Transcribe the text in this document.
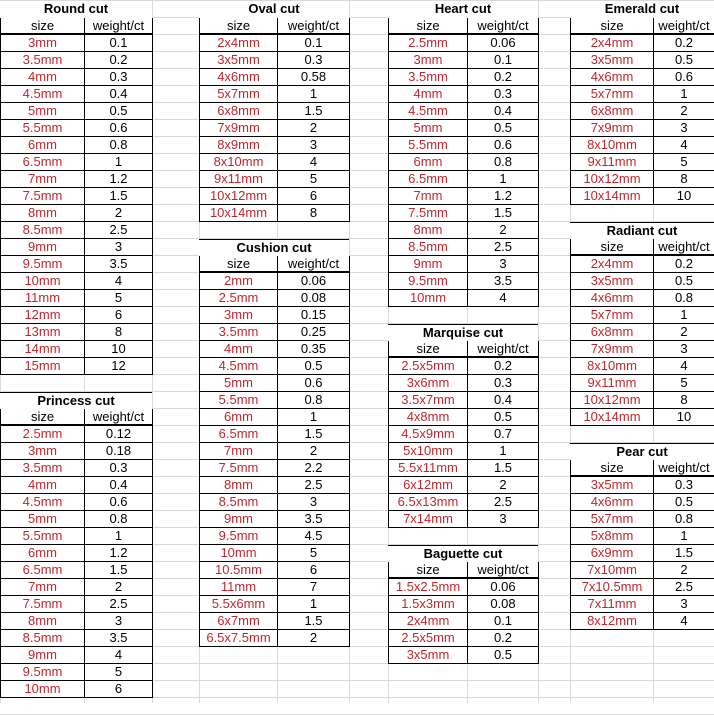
Round cut
size	weight/ct
3mm	0.1
3.5mm	0.2
4mm	0.3
4.5mm	0.4
5mm	0.5
5.5mm	0.6
6mm	0.8
6.5mm	1
7mm	1.2
7.5mm	1.5
8mm	2
8.5mm	2.5
9mm	3
9.5mm	3.5
10mm	4
11mm	5
12mm	6
13mm	8
14mm	10
15mm	12
Princess cut
size	weight/ct
2.5mm	0.12
3mm	0.18
3.5mm	0.3
4mm	0.4
4.5mm	0.6
5mm	0.8
5.5mm	1
6mm	1.2
6.5mm	1.5
7mm	2
7.5mm	2.5
8mm	3
8.5mm	3.5
9mm	4
9.5mm	5
10mm	6
Oval cut
size	weight/ct
2x4mm	0.1
3x5mm	0.3
4x6mm	0.58
5x7mm	1
6x8mm	1.5
7x9mm	2
8x9mm	3
8x10mm	4
9x11mm	5
10x12mm	6
10x14mm	8
Cushion cut
size	weight/ct
2mm	0.06
2.5mm	0.08
3mm	0.15
3.5mm	0.25
4mm	0.35
4.5mm	0.5
5mm	0.6
5.5mm	0.8
6mm	1
6.5mm	1.5
7mm	2
7.5mm	2.2
8mm	2.5
8.5mm	3
9mm	3.5
9.5mm	4.5
10mm	5
10.5mm	6
11mm	7
5.5x6mm	1
6x7mm	1.5
6.5x7.5mm	2
Heart cut
size	weight/ct
2.5mm	0.06
3mm	0.1
3.5mm	0.2
4mm	0.3
4.5mm	0.4
5mm	0.5
5.5mm	0.6
6mm	0.8
6.5mm	1
7mm	1.2
7.5mm	1.5
8mm	2
8.5mm	2.5
9mm	3
9.5mm	3.5
10mm	4
Marquise cut
size	weight/ct
2.5x5mm	0.2
3x6mm	0.3
3.5x7mm	0.4
4x8mm	0.5
4.5x9mm	0.7
5x10mm	1
5.5x11mm	1.5
6x12mm	2
6.5x13mm	2.5
7x14mm	3
Baguette cut
size	weight/ct
1.5x2.5mm	0.06
1.5x3mm	0.08
2x4mm	0.1
2.5x5mm	0.2
3x5mm	0.5
Emerald cut
size	weight/ct
2x4mm	0.2
3x5mm	0.5
4x6mm	0.6
5x7mm	1
6x8mm	2
7x9mm	3
8x10mm	4
9x11mm	5
10x12mm	8
10x14mm	10
Radiant cut
size	weight/ct
2x4mm	0.2
3x5mm	0.5
4x6mm	0.8
5x7mm	1
6x8mm	2
7x9mm	3
8x10mm	4
9x11mm	5
10x12mm	8
10x14mm	10
Pear cut
size	weight/ct
3x5mm	0.3
4x6mm	0.5
5x7mm	0.8
5x8mm	1
6x9mm	1.5
7x10mm	2
7x10.5mm	2.5
7x11mm	3
8x12mm	4
